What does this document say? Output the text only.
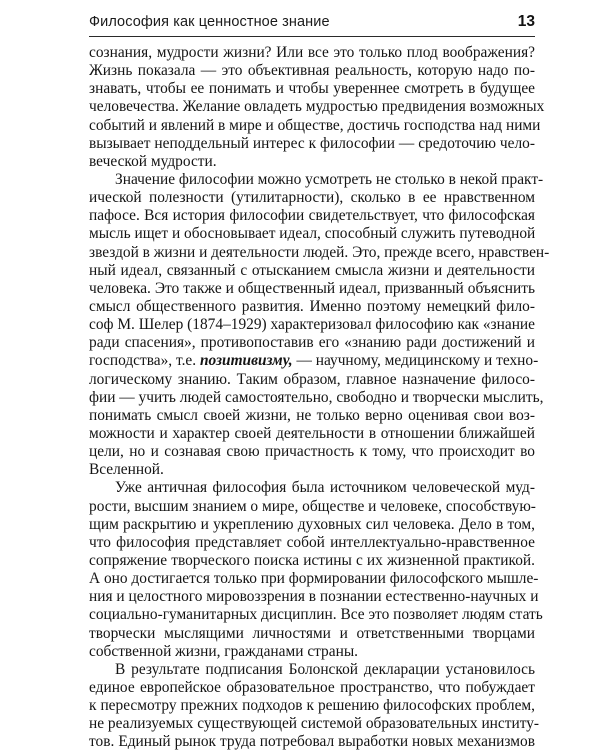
Философия как ценностное знание	13
сознания, мудрости жизни? Или все это только плод воображения?
Жизнь показала — это объективная реальность, которую надо по-
знавать, чтобы ее понимать и чтобы увереннее смотреть в будущее
человечества. Желание овладеть мудростью предвидения возможных
событий и явлений в мире и обществе, достичь господства над ними
вызывает неподдельный интерес к философии — средоточию чело-
веческой мудрости.
Значение философии можно усмотреть не столько в некой практ-
ической полезности (утилитарности), сколько в ее нравственном
пафосе. Вся история философии свидетельствует, что философская
мысль ищет и обосновывает идеал, способный служить путеводной
звездой в жизни и деятельности людей. Это, прежде всего, нравствен-
ный идеал, связанный с отысканием смысла жизни и деятельности
человека. Это также и общественный идеал, призванный объяснить
смысл общественного развития. Именно поэтому немецкий фило-
соф М. Шелер (1874–1929) характеризовал философию как «знание
ради спасения», противопоставив его «знанию ради достижений и
господства», т.е. позитивизму, — научному, медицинскому и техно-
логическому знанию. Таким образом, главное назначение филосо-
фии — учить людей самостоятельно, свободно и творчески мыслить,
понимать смысл своей жизни, не только верно оценивая свои воз-
можности и характер своей деятельности в отношении ближайшей
цели, но и сознавая свою причастность к тому, что происходит во
Вселенной.
Уже античная философия была источником человеческой муд-
рости, высшим знанием о мире, обществе и человеке, способствую-
щим раскрытию и укреплению духовных сил человека. Дело в том,
что философия представляет собой интеллектуально-нравственное
сопряжение творческого поиска истины с их жизненной практикой.
А оно достигается только при формировании философского мышле-
ния и целостного мировоззрения в познании естественно-научных и
социально-гуманитарных дисциплин. Все это позволяет людям стать
творчески мыслящими личностями и ответственными творцами
собственной жизни, гражданами страны.
В результате подписания Болонской декларации установилось
единое европейское образовательное пространство, что побуждает
к пересмотру прежних подходов к решению философских проблем,
не реализуемых существующей системой образовательных институ-
тов. Единый рынок труда потребовал выработки новых механизмов
